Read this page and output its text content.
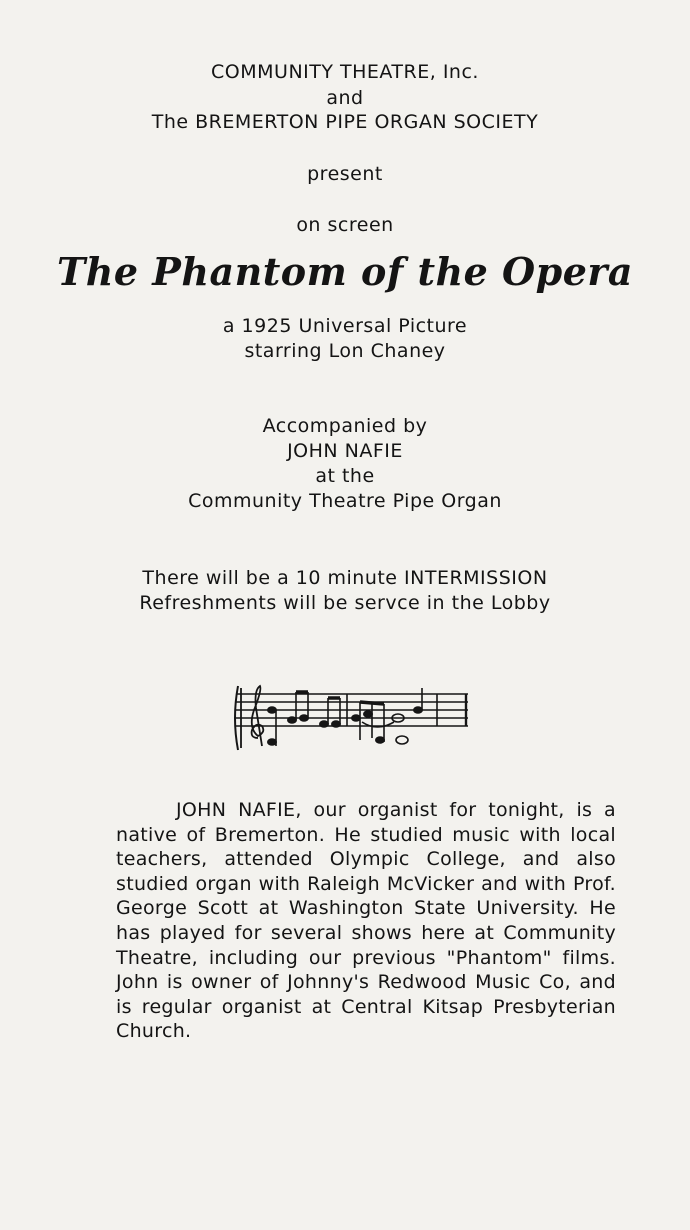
COMMUNITY THEATRE, Inc.
and
The BREMERTON PIPE ORGAN SOCIETY
present
on screen
The Phantom of the Opera
a 1925 Universal Picture
starring Lon Chaney
Accompanied by
JOHN NAFIE
at the
Community Theatre Pipe Organ
There will be a 10 minute INTERMISSION
Refreshments will be servce in the Lobby

JOHN NAFIE, our organist for tonight, is a native of Bremerton. He studied music with local teachers, attended Olympic College, and also studied organ with Raleigh McVicker and with Prof. George Scott at Washington State University. He has played for several shows here at Community Theatre, including our previous "Phantom" films. John is owner of Johnny's Redwood Music Co, and is regular organist at Central Kitsap Presbyterian Church.
